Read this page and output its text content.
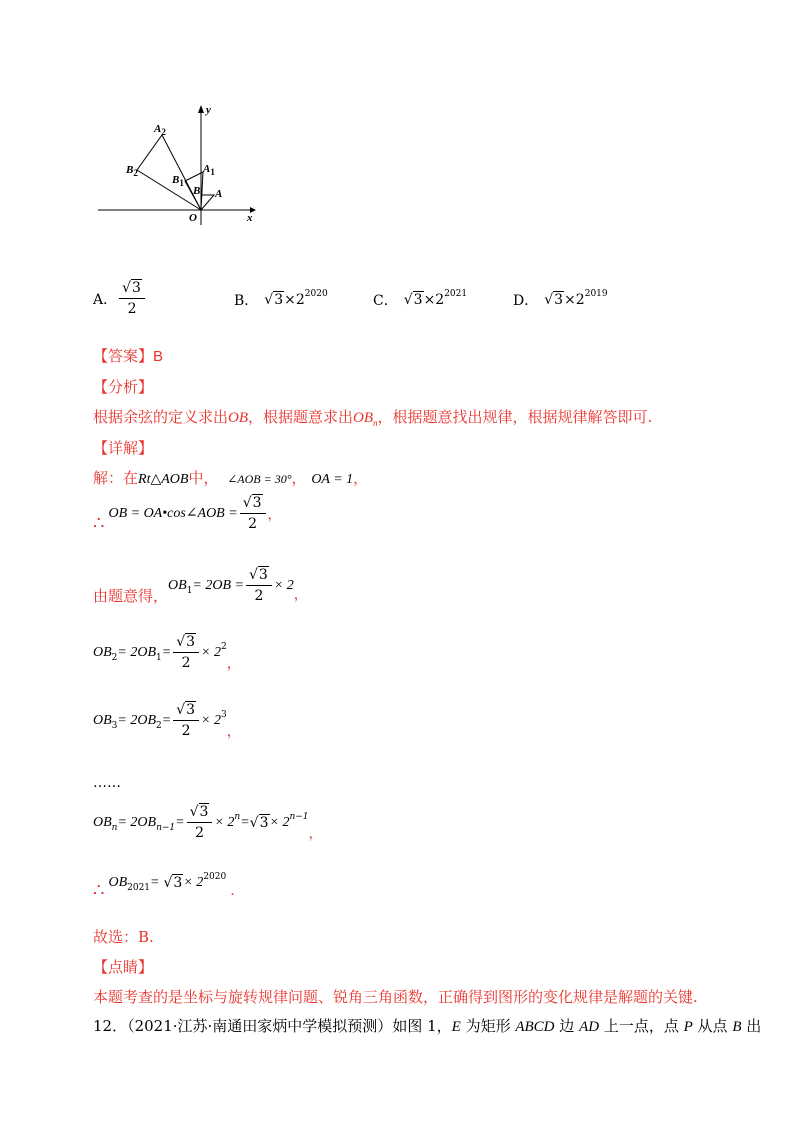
y
x
O
A
B
$A_1$
$B_1$
$A_2$
$B_2$
A． $\frac{√3}{2}$	B． $√3 \times 2^{2020}$	C． $√3 \times 2^{2021}$	D． $√3 \times 2^{2019}$
【答案】B
【分析】
根据余弦的定义求出OB，根据题意求出$OB_n$，根据题意找出规律，根据规律解答即可.
【详解】
解：在Rt△AOB中， ∠AOB = 30°， OA = 1，
∴ OB = OA•cos∠AOB = $\frac{√3}{2}$ ，
由题意得，
$OB_1 = 2OB = \frac{√3}{2} \times 2$
，
$OB_2 = 2OB_1 = \frac{√3}{2} \times 2^2$
，
$OB_3 = 2OB_2 = \frac{√3}{2} \times 2^3$
，
……
$OB_n = 2OB_{n-1} = \frac{√3}{2} \times 2^n = √3 \times 2^{n-1}$
，
∴ $OB_{2021} = √3 \times 2^{2020}$
.
故选：B.
【点睛】
本题考查的是坐标与旋转规律问题、锐角三角函数，正确得到图形的变化规律是解题的关键.
12．（2021·江苏·南通田家炳中学模拟预测）如图 1，E 为矩形 ABCD 边 AD 上一点，点 P 从点 B 出
